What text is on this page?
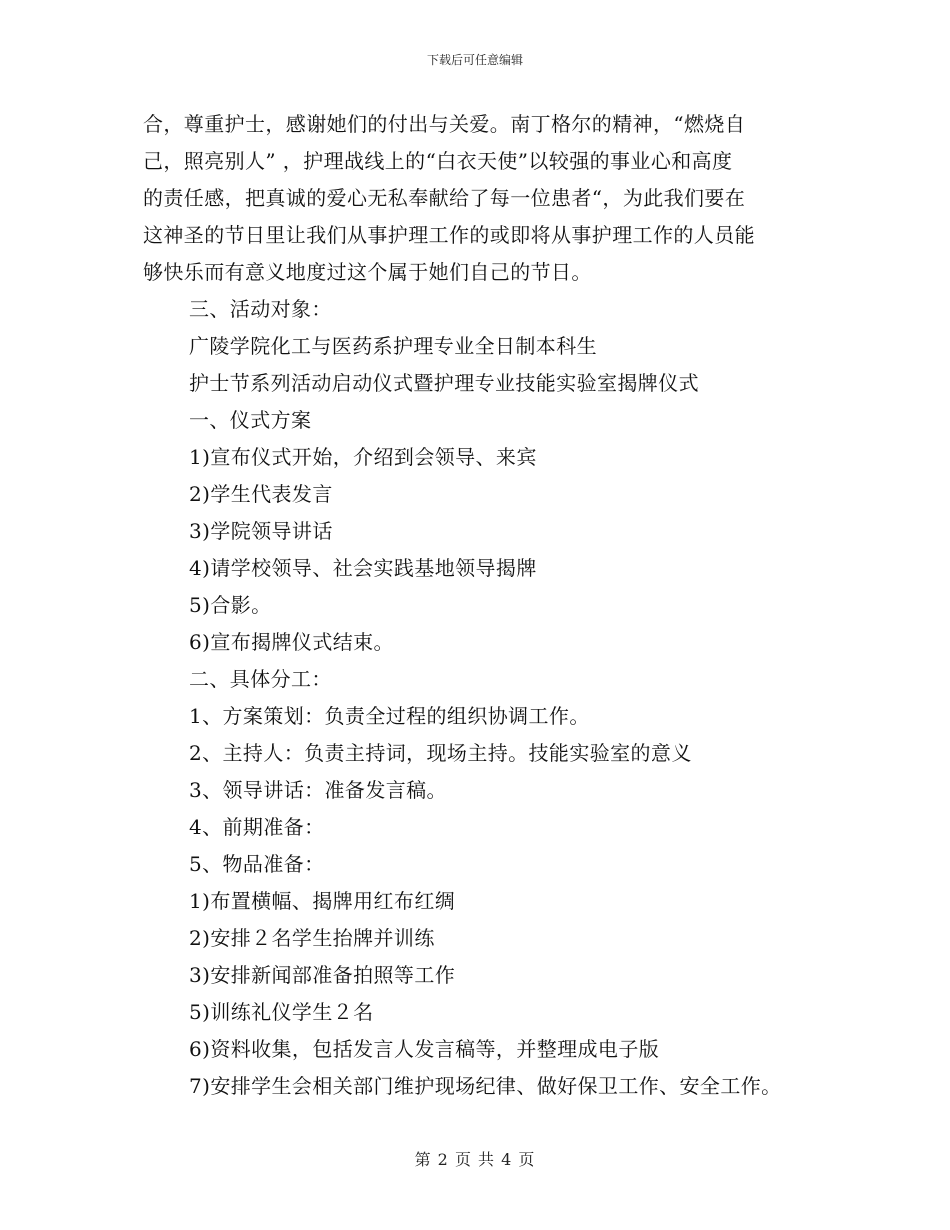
下载后可任意编辑
合，尊重护士，感谢她们的付出与关爱。南丁格尔的精神，“燃烧自
己，照亮别人” ，护理战线上的“白衣天使”以较强的事业心和高度
的责任感，把真诚的爱心无私奉献给了每一位患者“，为此我们要在
这神圣的节日里让我们从事护理工作的或即将从事护理工作的人员能
够快乐而有意义地度过这个属于她们自己的节日。
三、活动对象：
广陵学院化工与医药系护理专业全日制本科生
护士节系列活动启动仪式暨护理专业技能实验室揭牌仪式
一、仪式方案
1)宣布仪式开始，介绍到会领导、来宾
2)学生代表发言
3)学院领导讲话
4)请学校领导、社会实践基地领导揭牌
5)合影。
6)宣布揭牌仪式结束。
二、具体分工：
1、方案策划：负责全过程的组织协调工作。
2、主持人：负责主持词，现场主持。技能实验室的意义
3、领导讲话：准备发言稿。
4、前期准备：
5、物品准备：
1)布置横幅、揭牌用红布红绸
2)安排２名学生抬牌并训练
3)安排新闻部准备拍照等工作
5)训练礼仪学生２名
6)资料收集，包括发言人发言稿等，并整理成电子版
7)安排学生会相关部门维护现场纪律、做好保卫工作、安全工作。
第 2 页 共 4 页
